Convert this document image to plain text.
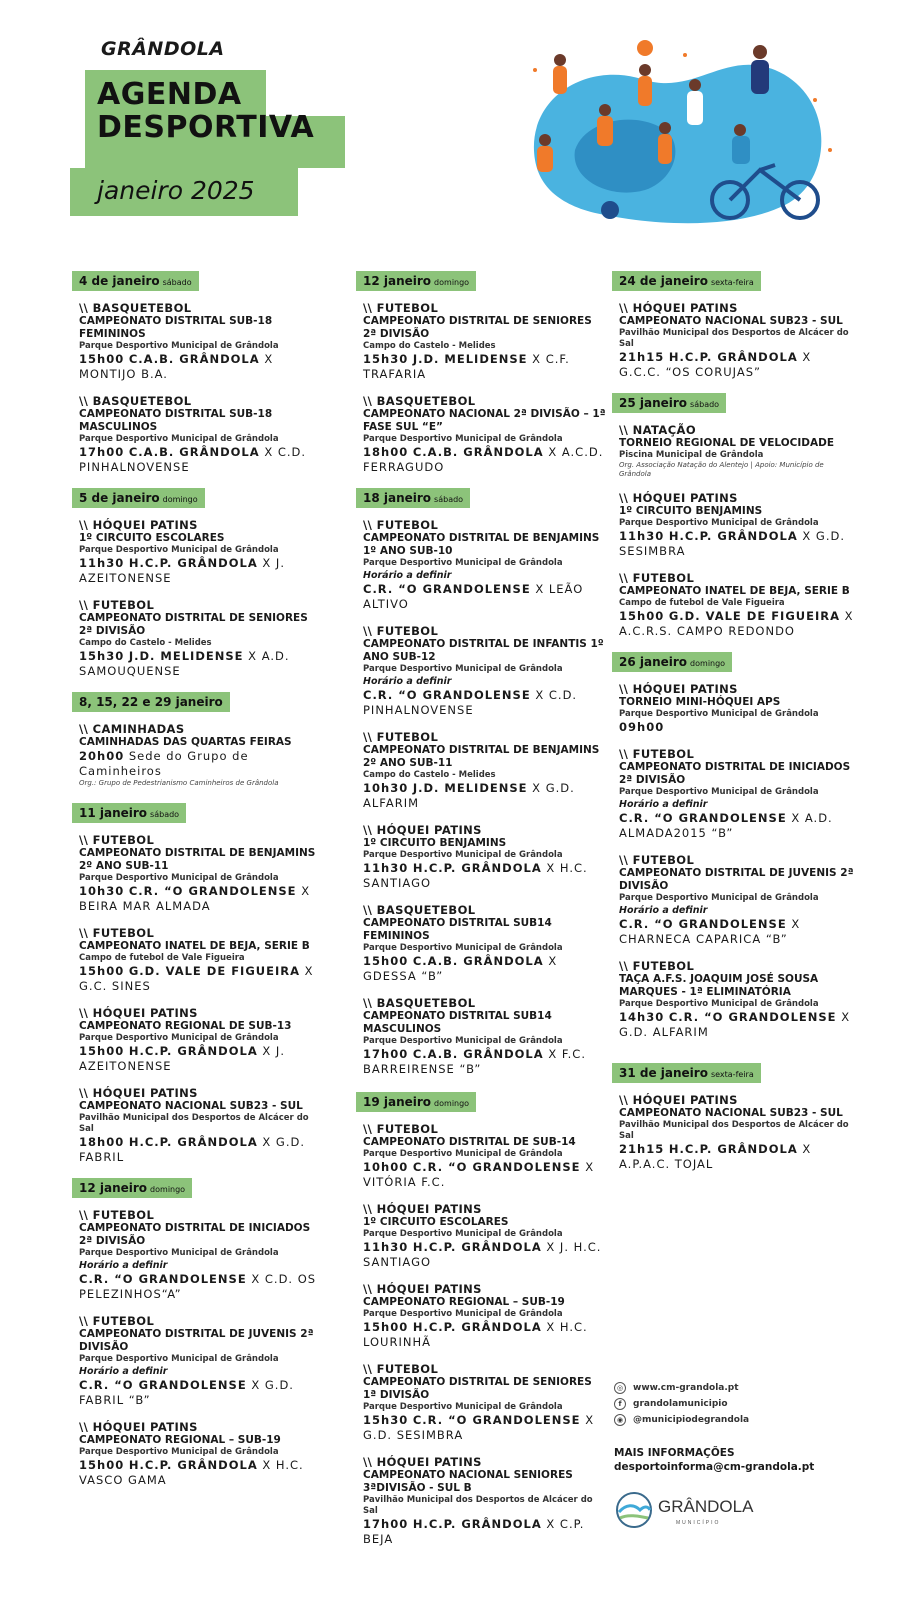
GRÂNDOLA
AGENDA
DESPORTIVA
janeiro 2025
4 de janeiro sábado
\\ BASQUETEBOL
CAMPEONATO DISTRITAL SUB-18 FEMININOS
Parque Desportivo Municipal de Grândola
15h00 C.A.B. GRÂNDOLA X MONTIJO B.A.
\\ BASQUETEBOL
CAMPEONATO DISTRITAL SUB-18 MASCULINOS
Parque Desportivo Municipal de Grândola
17h00 C.A.B. GRÂNDOLA X C.D. PINHALNOVENSE
5 de janeiro domingo
\\ HÓQUEI PATINS
1º CIRCUITO ESCOLARES
Parque Desportivo Municipal de Grândola
11h30 H.C.P. GRÂNDOLA X J. AZEITONENSE
\\ FUTEBOL
CAMPEONATO DISTRITAL DE SENIORES 2ª DIVISÃO
Campo do Castelo - Melides
15h30 J.D. MELIDENSE X A.D. SAMOUQUENSE
8, 15, 22 e 29 janeiro
\\ CAMINHADAS
CAMINHADAS DAS QUARTAS FEIRAS
20h00 Sede do Grupo de Caminheiros
Org.: Grupo de Pedestrianismo Caminheiros de Grândola
11 janeiro sábado
\\ FUTEBOL
CAMPEONATO DISTRITAL DE BENJAMINS 2º ANO SUB-11
Parque Desportivo Municipal de Grândola
10h30 C.R. “O GRANDOLENSE X BEIRA MAR ALMADA
\\ FUTEBOL
CAMPEONATO INATEL DE BEJA, SERIE B
Campo de futebol de Vale Figueira
15h00 G.D. VALE DE FIGUEIRA X G.C. SINES
\\ HÓQUEI PATINS
CAMPEONATO REGIONAL DE SUB-13
Parque Desportivo Municipal de Grândola
15h00 H.C.P. GRÂNDOLA X J. AZEITONENSE
\\ HÓQUEI PATINS
CAMPEONATO NACIONAL SUB23 - SUL
Pavilhão Municipal dos Desportos de Alcácer do Sal
18h00 H.C.P. GRÂNDOLA X G.D. FABRIL
12 janeiro domingo
\\ FUTEBOL
CAMPEONATO DISTRITAL DE INICIADOS 2ª DIVISÃO
Parque Desportivo Municipal de Grândola
Horário a definir
C.R. “O GRANDOLENSE X C.D. OS PELEZINHOS“A”
\\ FUTEBOL
CAMPEONATO DISTRITAL DE JUVENIS 2ª DIVISÃO
Parque Desportivo Municipal de Grândola
Horário a definir
C.R. “O GRANDOLENSE X G.D. FABRIL “B”
\\ HÓQUEI PATINS
CAMPEONATO REGIONAL – SUB-19
Parque Desportivo Municipal de Grândola
15h00 H.C.P. GRÂNDOLA X H.C. VASCO GAMA
12 janeiro domingo
\\ FUTEBOL
CAMPEONATO DISTRITAL DE SENIORES 2ª DIVISÃO
Campo do Castelo - Melides
15h30 J.D. MELIDENSE X C.F. TRAFARIA
\\ BASQUETEBOL
CAMPEONATO NACIONAL 2ª DIVISÃO – 1ª FASE SUL “E”
Parque Desportivo Municipal de Grândola
18h00 C.A.B. GRÂNDOLA X A.C.D. FERRAGUDO
18 janeiro sábado
\\ FUTEBOL
CAMPEONATO DISTRITAL DE BENJAMINS 1º ANO SUB-10
Parque Desportivo Municipal de Grândola
Horário a definir
C.R. “O GRANDOLENSE X LEÃO ALTIVO
\\ FUTEBOL
CAMPEONATO DISTRITAL DE INFANTIS 1º ANO SUB-12
Parque Desportivo Municipal de Grândola
Horário a definir
C.R. “O GRANDOLENSE X C.D. PINHALNOVENSE
\\ FUTEBOL
CAMPEONATO DISTRITAL DE BENJAMINS 2º ANO SUB-11
Campo do Castelo - Melides
10h30 J.D. MELIDENSE X G.D. ALFARIM
\\ HÓQUEI PATINS
1º CIRCUITO BENJAMINS
Parque Desportivo Municipal de Grândola
11h30 H.C.P. GRÂNDOLA X H.C. SANTIAGO
\\ BASQUETEBOL
CAMPEONATO DISTRITAL SUB14 FEMININOS
Parque Desportivo Municipal de Grândola
15h00 C.A.B. GRÂNDOLA X GDESSA “B”
\\ BASQUETEBOL
CAMPEONATO DISTRITAL SUB14 MASCULINOS
Parque Desportivo Municipal de Grândola
17h00 C.A.B. GRÂNDOLA X F.C. BARREIRENSE “B”
19 janeiro domingo
\\ FUTEBOL
CAMPEONATO DISTRITAL DE SUB-14
Parque Desportivo Municipal de Grândola
10h00 C.R. “O GRANDOLENSE X VITÓRIA F.C.
\\ HÓQUEI PATINS
1º CIRCUITO ESCOLARES
Parque Desportivo Municipal de Grândola
11h30 H.C.P. GRÂNDOLA X J. H.C. SANTIAGO
\\ HÓQUEI PATINS
CAMPEONATO REGIONAL – SUB-19
Parque Desportivo Municipal de Grândola
15h00 H.C.P. GRÂNDOLA X H.C. LOURINHÃ
\\ FUTEBOL
CAMPEONATO DISTRITAL DE SENIORES 1ª DIVISÃO
Parque Desportivo Municipal de Grândola
15h30 C.R. “O GRANDOLENSE X G.D. SESIMBRA
\\ HÓQUEI PATINS
CAMPEONATO NACIONAL SENIORES 3ªDIVISÃO - SUL B
Pavilhão Municipal dos Desportos de Alcácer do Sal
17h00 H.C.P. GRÂNDOLA X C.P. BEJA
24 de janeiro sexta-feira
\\ HÓQUEI PATINS
CAMPEONATO NACIONAL SUB23 - SUL
Pavilhão Municipal dos Desportos de Alcácer do Sal
21h15 H.C.P. GRÂNDOLA X G.C.C. “OS CORUJAS”
25 janeiro sábado
\\ NATAÇÃO
TORNEIO REGIONAL DE VELOCIDADE
Piscina Municipal de Grândola
Org. Associação Natação do Alentejo | Apoio: Município de Grândola
\\ HÓQUEI PATINS
1º CIRCUITO BENJAMINS
Parque Desportivo Municipal de Grândola
11h30 H.C.P. GRÂNDOLA X G.D. SESIMBRA
\\ FUTEBOL
CAMPEONATO INATEL DE BEJA, SERIE B
Campo de futebol de Vale Figueira
15h00 G.D. VALE DE FIGUEIRA X A.C.R.S. CAMPO REDONDO
26 janeiro domingo
\\ HÓQUEI PATINS
TORNEIO MINI-HÓQUEI APS
Parque Desportivo Municipal de Grândola
09h00
\\ FUTEBOL
CAMPEONATO DISTRITAL DE INICIADOS 2ª DIVISÃO
Parque Desportivo Municipal de Grândola
Horário a definir
C.R. “O GRANDOLENSE X A.D. ALMADA2015 “B”
\\ FUTEBOL
CAMPEONATO DISTRITAL DE JUVENIS 2ª DIVISÃO
Parque Desportivo Municipal de Grândola
Horário a definir
C.R. “O GRANDOLENSE X CHARNECA CAPARICA “B”
\\ FUTEBOL
TAÇA A.F.S. JOAQUIM JOSÉ SOUSA MARQUES - 1ª ELIMINATÓRIA
Parque Desportivo Municipal de Grândola
14h30 C.R. “O GRANDOLENSE X G.D. ALFARIM
31 de janeiro sexta-feira
\\ HÓQUEI PATINS
CAMPEONATO NACIONAL SUB23 - SUL
Pavilhão Municipal dos Desportos de Alcácer do Sal
21h15 H.C.P. GRÂNDOLA X A.P.A.C. TOJAL
◎	www.cm-grandola.pt
f	grandolamunicipio
◉	@municipiodegrandola
MAIS INFORMAÇÕES
desportoinforma@cm-grandola.pt
GRÂNDOLA
MUNICÍPIO
